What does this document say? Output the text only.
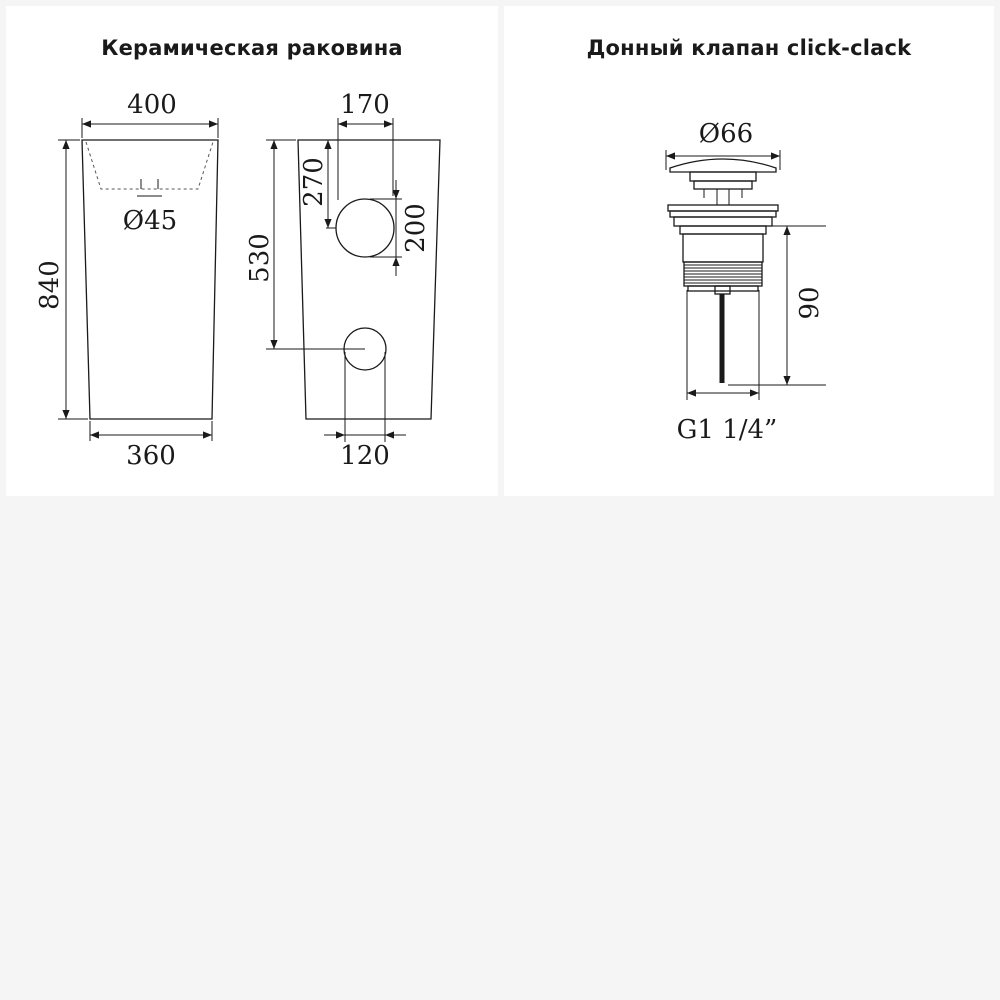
Керамическая раковина
400
360
Ø45
840
170
120
530
270
200
Донный клапан click-clack
Ø66
90
G1 1/4”
